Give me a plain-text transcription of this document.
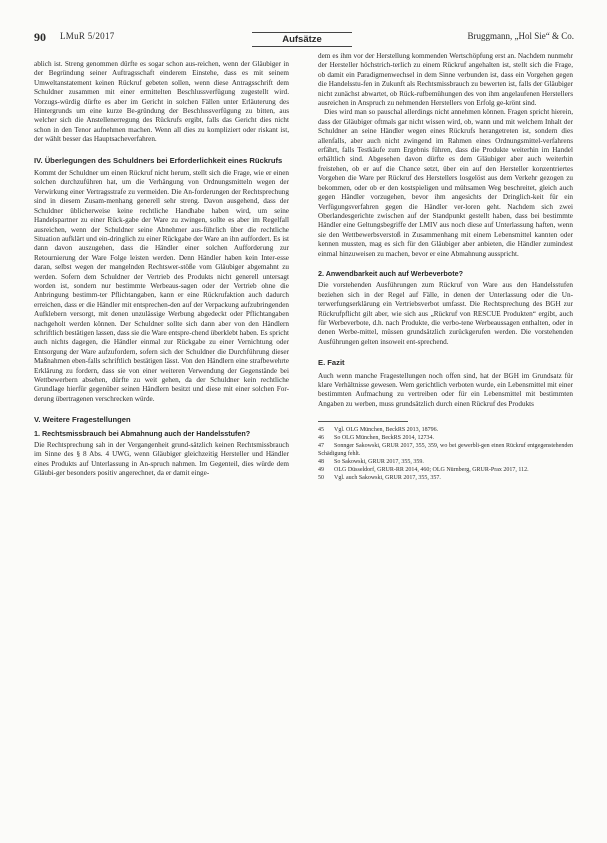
90 LMuR 5/2017	Aufsätze	Bruggmann, „Hol Sie“ & Co.

ablich ist. Streng genommen dürfte es sogar schon aus-reichen, wenn der Gläubiger in der Begründung seiner Auftragsschaft einderem Einstehe, dass es mit seinem Umweltanstatement keinen Rückruf gebeten sollen, wenn diese Antragsschrift dem Schuldner zusammen mit einer ermittelten Beschlussverfügung zugestellt wird. Vorzugs-würdig dürfte es aber im Gericht in solchen Fällen unter Erläuterung des Hintergrunds um eine kurze Be-gründung der Beschlussverfügung zu bitten, aus welcher sich die Anstellenerregung des Rückrufs ergibt, falls das Gericht dies nicht schon in den Tenor aufnehmen machen. Wenn all dies zu kompliziert oder riskant ist, der wählt besser das Hauptsacheverfahren.

IV. Überlegungen des Schuldners bei Erforderlichkeit eines Rückrufs

Kommt der Schuldner um einen Rückruf nicht herum, stellt sich die Frage, wie er einen solchen durchzuführen hat, um die Verhängung von Ordnungsmitteln wegen der Verwirkung einer Vertragsstrafe zu vermeiden. Die An-forderungen der Rechtsprechung sind in diesem Zusam-menhang generell sehr streng. Davon ausgehend, dass der Schuldner üblicherweise keine rechtliche Handhabe haben wird, um seine Handelspartner zu einer Rück-gabe der Ware zu zwingen, sollte es aber im Regelfall ausreichen, wenn der Schuldner seine Abnehmer aus-führlich über die rechtliche Situation aufklärt und ein-dringlich zu einer Rückgabe der Ware an ihn auffordert. Es ist dann davon auszugehen, dass die Händler einer solchen Aufforderung zur Retournierung der Ware Folge leisten werden. Denn Händler haben kein Inter-esse daran, selbst wegen der mangelnden Rechtswer-stöße vom Gläubiger abgemahnt zu werden. Sofern dem Schuldner der Vertrieb des Produkts nicht generell untersagt worden ist, sondern nur bestimmte Werbeaus-sagen oder der Vertrieb ohne die Anbringung bestimm-ter Pflichtangaben, kann er eine Rückrufaktion auch dadurch erreichen, dass er die Händler mit entsprechen-den auf der Verpackung aufzubringenden Aufklebern versorgt, mit denen unzulässige Werbung abgedeckt oder Pflichtangaben nachgeholt werden können. Der Schuldner sollte sich dann aber von den Händlern schriftlich bestätigen lassen, dass sie die Ware entspre-chend überklebt haben. Es spricht auch nichts dagegen, die Händler einmal zur Rückgabe zu einer Vernichtung oder Entsorgung der Ware aufzufordern, sofern sich der Schuldner die Durchführung dieser Maßnahmen eben-falls schriftlich bestätigen lässt. Von den Händlern eine strafbewehrte Erklärung zu fordern, dass sie von einer weiteren Verwendung der Gegenstände bei Wettbewerbern absehen, dürfte zu weit gehen, da der Schuldner kein rechtliche Grundlage hierfür gegenüber seinen Händlern besitzt und diese mit einer solchen For-derung übertragenen verschrecken würde.

V. Weitere Fragestellungen
1. Rechtsmissbrauch bei Abmahnung auch der Handelsstufen?

Die Rechtsprechung sah in der Vergangenheit grund-sätzlich keinen Rechtsmissbrauch im Sinne des § 8 Abs. 4 UWG, wenn Gläubiger gleichzeitig Hersteller und Händler eines Produkts auf Unterlassung in An-spruch nahmen. Im Gegenteil, dies würde dem Gläubi-ger besonders positiv angerechnet, da er damit einge-

dem es ihm vor der Herstellung kommenden Wertschöpfung erst an. Nachdem nunmehr der Hersteller höchstrich-terlich zu einem Rückruf angehalten ist, stellt sich die Frage, ob damit ein Paradigmenwechsel in dem Sinne verbunden ist, dass ein Vorgehen gegen die Handelsstu-fen in Zukunft als Rechtsmissbrauch zu bewerten ist, falls der Gläubiger nicht zunächst abwartet, ob Rück-rufbemühungen des von ihm angelaufenen Herstellers ausreichen in Anspruch zu nehmenden Herstellers von Erfolg ge-krönt sind.

Dies wird man so pauschal allerdings nicht annehmen können. Fragen spricht hierein, dass der Gläubiger oftmals gar nicht wissen wird, ob, wann und mit welchem Inhalt der Schuldner an seine Händler wegen eines Rückrufs herangetreten ist, sondern dies allenfalls, aber auch nicht zwingend im Rahmen eines Ordnungsmittel-verfahrens erfährt, falls Testkäufe zum Ergebnis führen, dass die Produkte weiterhin im Handel erhältlich sind. Abgesehen davon dürfte es dem Gläubiger aber auch weiterhin freistehen, ob er auf die Chance setzt, über ein auf den Hersteller konzentriertes Vorgehen die Ware per Rückruf des Herstellers losgelöst aus dem Verkehr gezogen zu bekommen, oder ob er den kostspieligen und mühsamen Weg beschreitet, gleich auch gegen Händler vorzugehen, bevor ihm angesichts der Dringlich-keit für ein Verfügungsverfahren gegen die Händler ver-loren geht. Nachdem sich zwei Oberlandesgerichte zwischen auf der Standpunkt gestellt haben, dass bei bestimmte Händler eine Geltungsbegriffe der LMIV aus noch diese auf Unterlassung haften, wenn sie den Wettbewerbsverstoß in Zusammenhang mit einem Lebensmittel kannten oder kennen mussten, mag es sich für den Gläubiger aber anbieten, die Händler zumindest einmal hinzuweisen zu machen, bevor er eine Abmahnung ausspricht.

2. Anwendbarkeit auch auf Werbeverbote?

Die vorstehenden Ausführungen zum Rückruf von Ware aus den Handelsstufen beziehen sich in der Regel auf Fälle, in denen der Unterlassung oder die Un-terwerfungserklärung ein Vertriebsverbot umfasst. Die Rechtsprechung des BGH zur Rückrufpflicht gilt aber, wie sich aus „Rückruf von RESCUE Produkten“ ergibt, auch für Werbeverbote, d.h. nach Produkte, die verbo-tene Werbeaussagen enthalten, oder in denen Werbe-mittel, müssen grundsätzlich zurückgerufen werden. Die vorstehenden Ausführungen gelten insoweit ent-sprechend.

E. Fazit

Auch wenn manche Fragestellungen noch offen sind, hat der BGH im Grundsatz für klare Verhältnisse gewesen. Wem gerichtlich verboten wurde, ein Lebensmittel mit einer bestimmten Aufmachung zu vertreiben oder für ein Lebensmittel mit bestimmten Angaben zu werben, muss grundsätzlich durch einen Rückruf des Produkts

45 Vgl. OLG München, BeckRS 2013, 18796.

46 So OLG München, BeckRS 2014, 12734.

47 Sonnger Sakowski, GRUR 2017, 355, 359, wo bei gewerbli-gen einen Rückruf entgegenstehenden Schädigung fehlt.

48 So Sakowski, GRUR 2017, 355, 359.

49 OLG Düsseldorf, GRUR-RR 2014, 460; OLG Nürnberg, GRUR-Prax 2017, 112.

50 Vgl. auch Sakowski, GRUR 2017, 355, 357.
